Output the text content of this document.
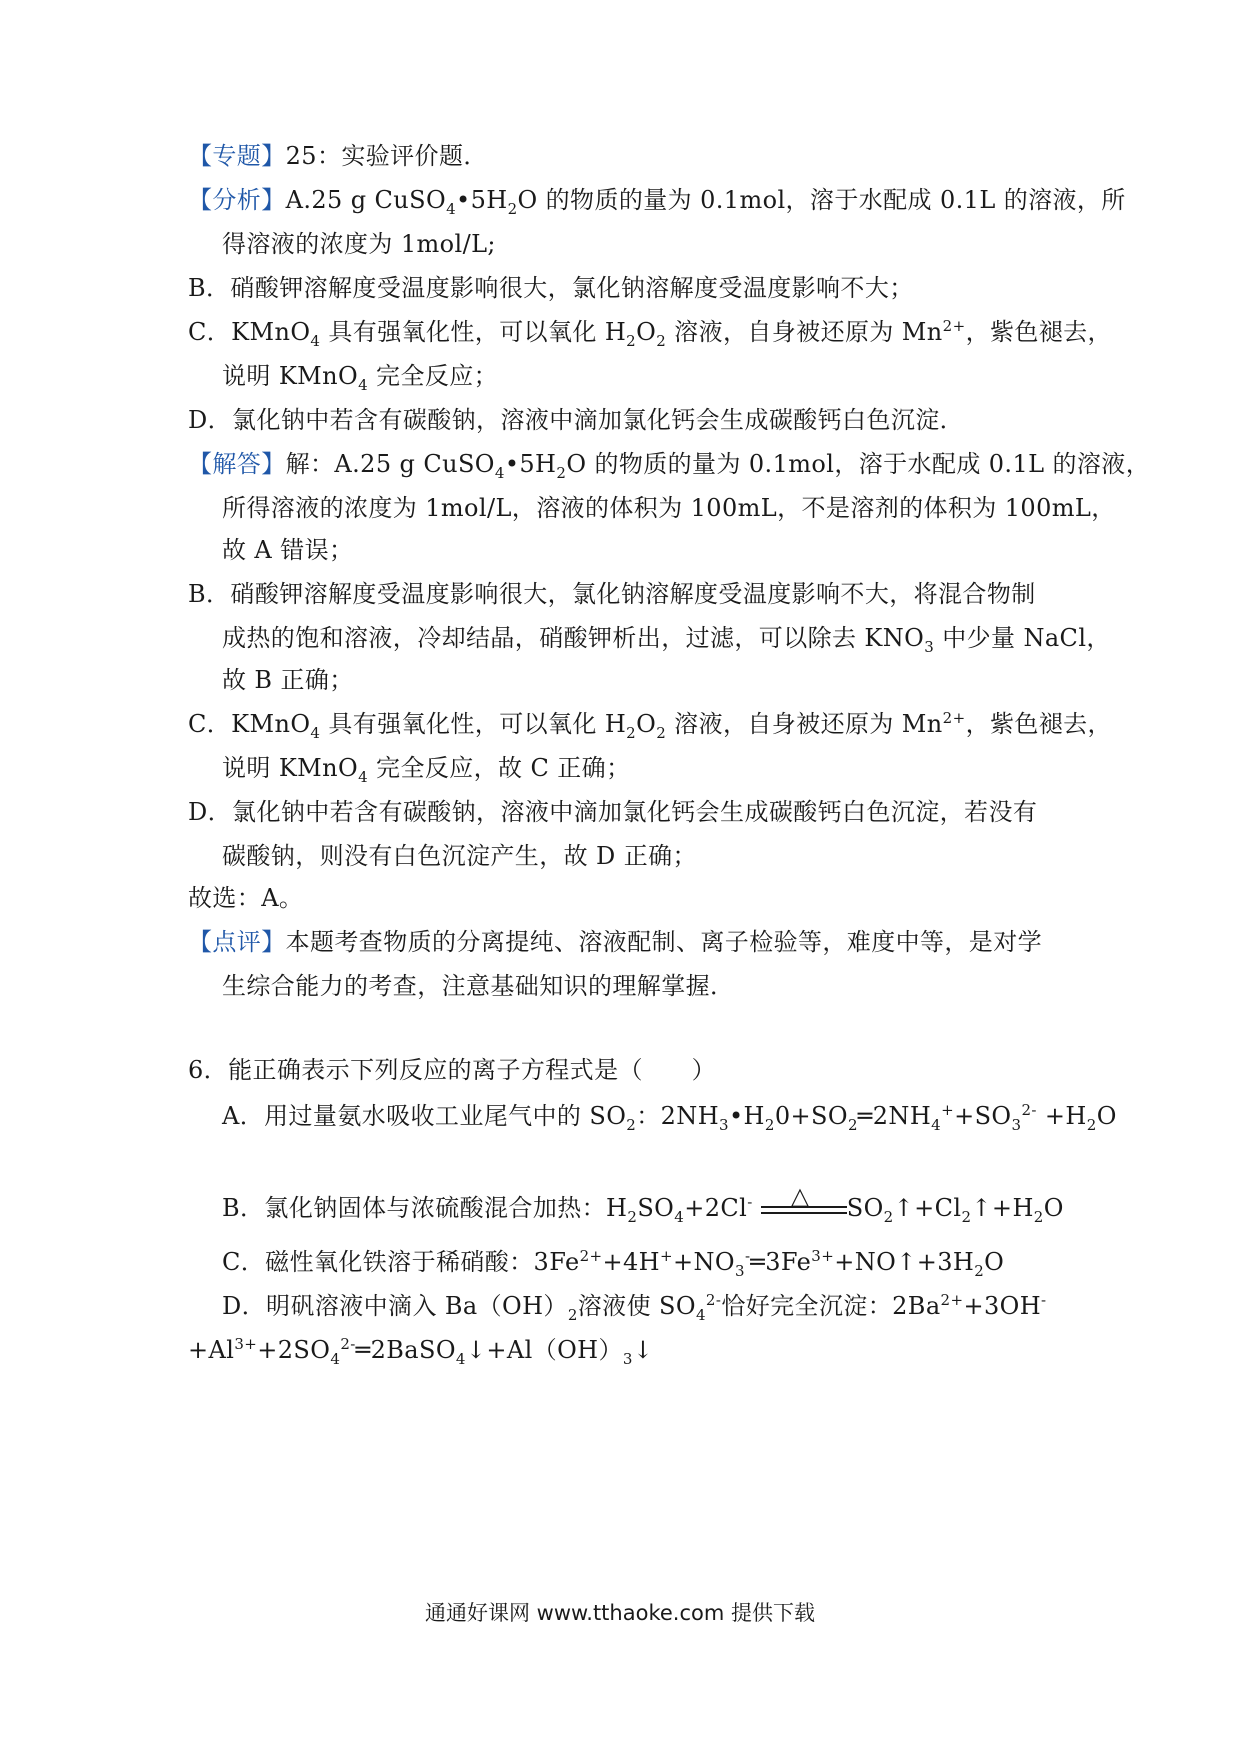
【专题】25：实验评价题．
【分析】A.25 g $CuSO_4•5H_2O$ 的物质的量为 0.1mol，溶于水配成 0.1L 的溶液，所
得溶液的浓度为 1mol/L;
B．硝酸钾溶解度受温度影响很大，氯化钠溶解度受温度影响不大；
C．KMnO$_4$ 具有强氧化性，可以氧化 $H_2O_2$ 溶液，自身被还原为 $Mn^{2+}$，紫色褪去，
说明 KMnO$_4$ 完全反应；
D．氯化钠中若含有碳酸钠，溶液中滴加氯化钙会生成碳酸钙白色沉淀．
【解答】解：A.25 g $CuSO_4•5H_2O$ 的物质的量为 0.1mol，溶于水配成 0.1L 的溶液，
所得溶液的浓度为 1mol/L，溶液的体积为 100mL，不是溶剂的体积为 100mL，
故 A 错误；
B．硝酸钾溶解度受温度影响很大，氯化钠溶解度受温度影响不大，将混合物制
成热的饱和溶液，冷却结晶，硝酸钾析出，过滤，可以除去 $KNO_3$ 中少量 NaCl，
故 B 正确；
C．KMnO$_4$ 具有强氧化性，可以氧化 $H_2O_2$ 溶液，自身被还原为 $Mn^{2+}$，紫色褪去，
说明 KMnO$_4$ 完全反应，故 C 正确；
D．氯化钠中若含有碳酸钠，溶液中滴加氯化钙会生成碳酸钙白色沉淀，若没有
碳酸钠，则没有白色沉淀产生，故 D 正确；
故选：A。
【点评】本题考查物质的分离提纯、溶液配制、离子检验等，难度中等，是对学
生综合能力的考查，注意基础知识的理解掌握．
6．能正确表示下列反应的离子方程式是（　　）
A．用过量氨水吸收工业尾气中的 $SO_2$：$2NH_3•H_20+SO_2═2NH_4^++SO_3^{2-} +H_2O$
B．氯化钠固体与浓硫酸混合加热：$H_2SO_4+2Cl^-$ △ $SO_2↑+Cl_2↑+H_2O$
C．磁性氧化铁溶于稀硝酸：$3Fe^{2+}+4H^++NO_3^-═3Fe^{3+}+NO↑+3H_2O$
D．明矾溶液中滴入 $Ba(OH)_2$溶液使 $SO_4^{2-}$恰好完全沉淀：$2Ba^{2+}+3OH^-$
$+Al^{3+}+2SO_4^{2-}═2BaSO_4↓+Al(OH)_3↓$
通通好课网 www.tthaoke.com 提供下载
